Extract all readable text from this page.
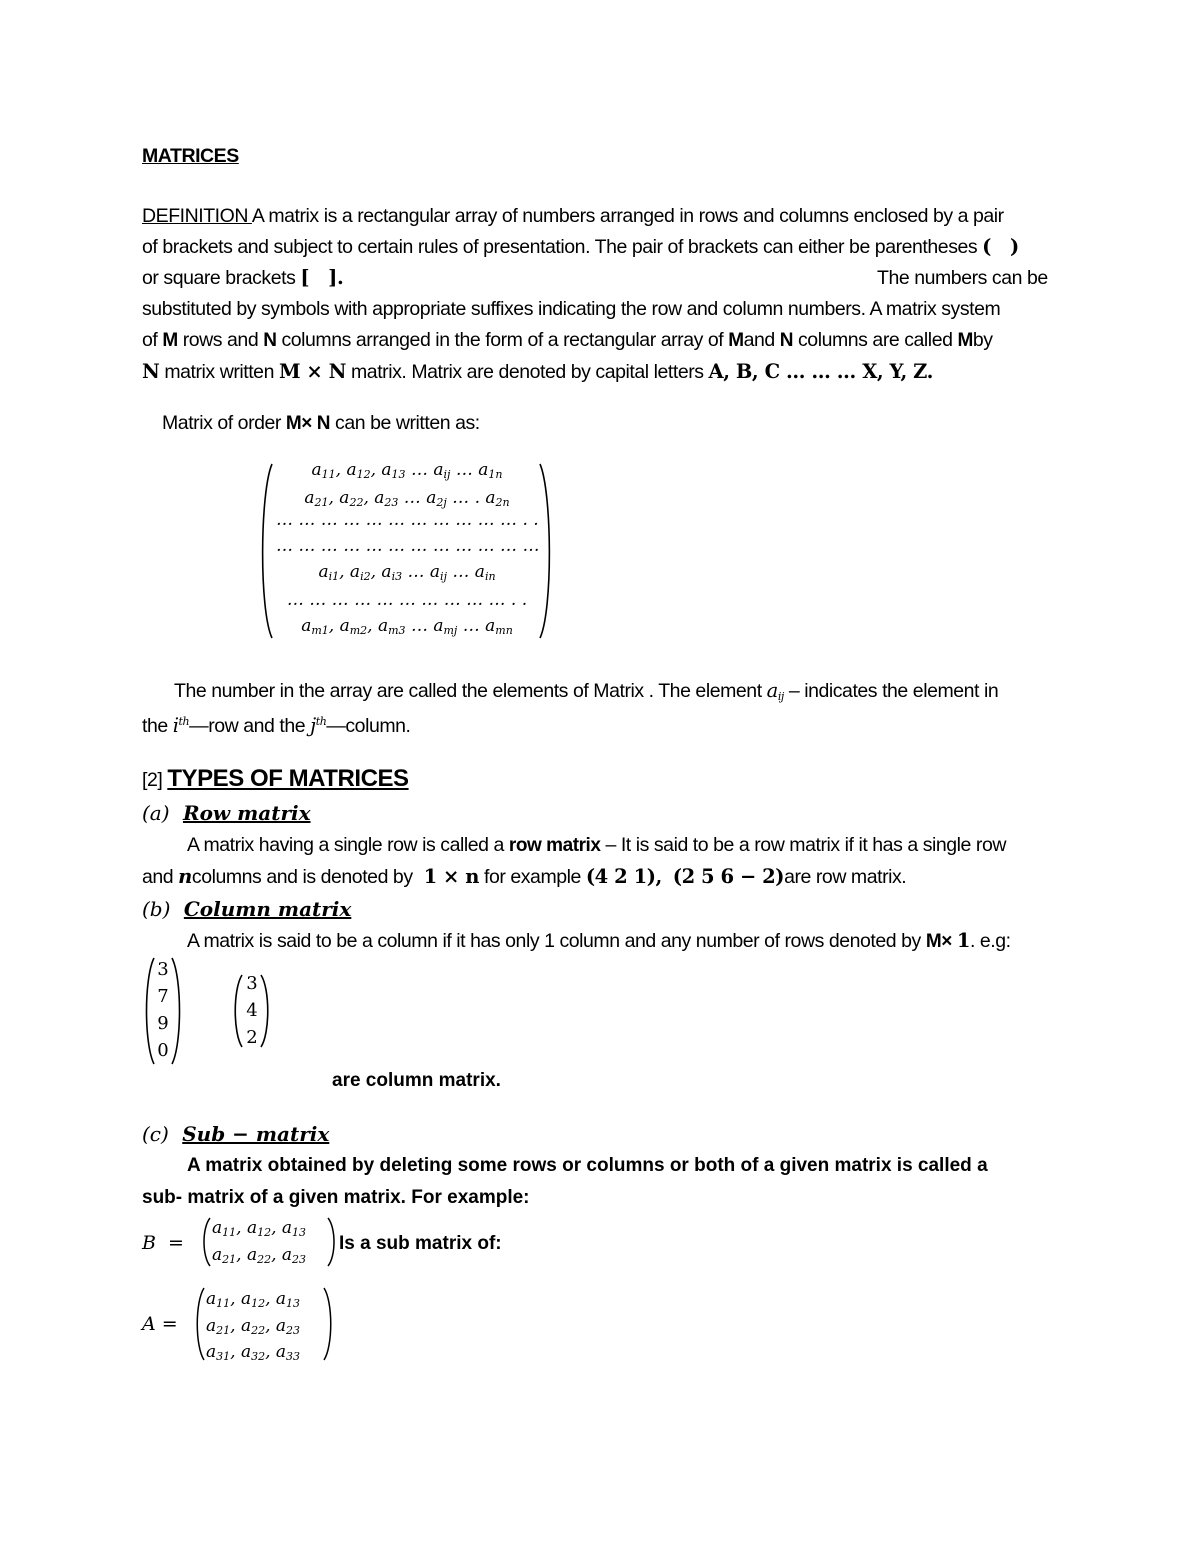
MATRICES
DEFINITION A matrix is a rectangular array of numbers arranged in rows and columns enclosed by a pair
of brackets and subject to certain rules of presentation. The pair of brackets can either be parentheses (   )
or square brackets [   ].	The numbers can be
substituted by symbols with appropriate suffixes indicating the row and column numbers. A matrix system
of M rows and N columns arranged in the form of a rectangular array of Mand N columns are called Mby
N matrix written M × N matrix. Matrix are denoted by capital letters A, B, C … … … X, Y, Z.
Matrix of order M× N can be written as:
$a_{11}$, $a_{12}$, $a_{13}$ … $a_{ij}$ … $a_{1n}$
$a_{21}$, $a_{22}$, $a_{23}$ … $a_{2j}$ … . $a_{2n}$
… … … … … … … … … … … . .
… … … … … … … … … … … …
$a_{i1}$, $a_{i2}$, $a_{i3}$ … $a_{ij}$ … $a_{in}$
… … … … … … … … … … . .
$a_{m1}$, $a_{m2}$, $a_{m3}$ … $a_{mj}$ … $a_{mn}$
The number in the array are called the elements of Matrix . The element $a_{ij}$ – indicates the element in
the $i^{th}—row$ and the $j^{th}—column$.
[2] TYPES OF MATRICES
(a) Row matrix
A matrix having a single row is called a row matrix – It is said to be a row matrix if it has a single row
and ncolumns and is denoted by 1 × n for example (4 2 1), (2 5 6 − 2)are row matrix.
(b) Column matrix
A matrix is said to be a column if it has only 1 column and any number of rows denoted by M× 1. e.g:
3
7
9
0
3
4
2
are column matrix.
(c) Sub − matrix
A matrix obtained by deleting some rows or columns or both of a given matrix is called a
sub- matrix of a given matrix. For example:
B  =
$a_{11}$, $a_{12}$, $a_{13}$
$a_{21}$, $a_{22}$, $a_{23}$
Is a sub matrix of:
A =
$a_{11}$, $a_{12}$, $a_{13}$
$a_{21}$, $a_{22}$, $a_{23}$
$a_{31}$, $a_{32}$, $a_{33}$
